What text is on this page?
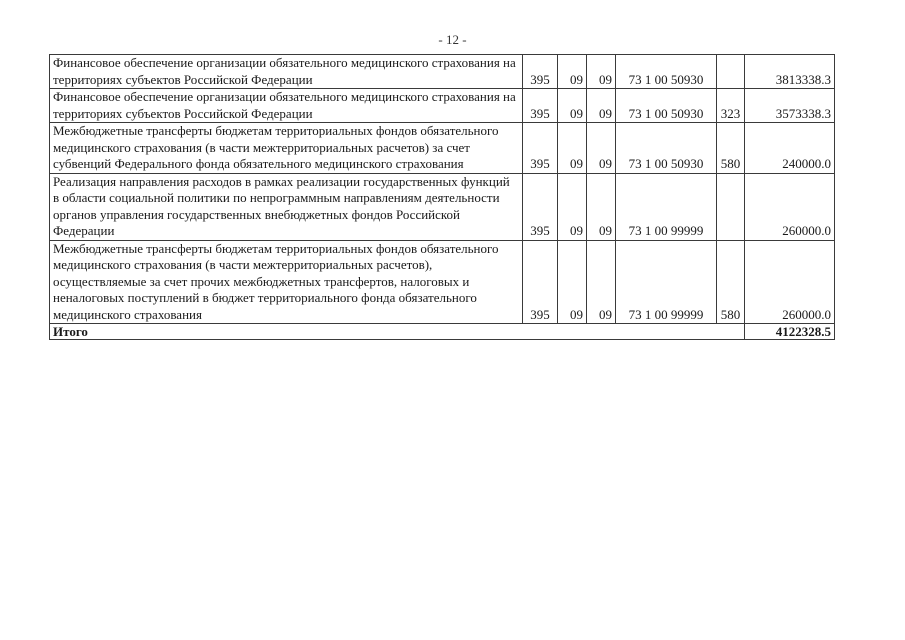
- 12 -
Финансовое обеспечение организации обязательного медицинского страхования на территориях субъектов Российской Федерации	395	09	09	73 1 00 50930		3813338.3
Финансовое обеспечение организации обязательного медицинского страхования на территориях субъектов Российской Федерации	395	09	09	73 1 00 50930	323	3573338.3
Межбюджетные трансферты бюджетам территориальных фондов обязательного медицинского страхования (в части межтерриториальных расчетов) за счет субвенций Федерального фонда обязательного медицинского страхования	395	09	09	73 1 00 50930	580	240000.0
Реализация направления расходов в рамках реализации государственных функций в области социальной политики по непрограммным направлениям деятельности органов управления государственных внебюджетных фондов Российской Федерации	395	09	09	73 1 00 99999		260000.0
Межбюджетные трансферты бюджетам территориальных фондов обязательного медицинского страхования (в части межтерриториальных расчетов), осуществляемые за счет прочих межбюджетных трансфертов, налоговых и неналоговых поступлений в бюджет территориального фонда обязательного медицинского страхования	395	09	09	73 1 00 99999	580	260000.0
Итого						4122328.5
